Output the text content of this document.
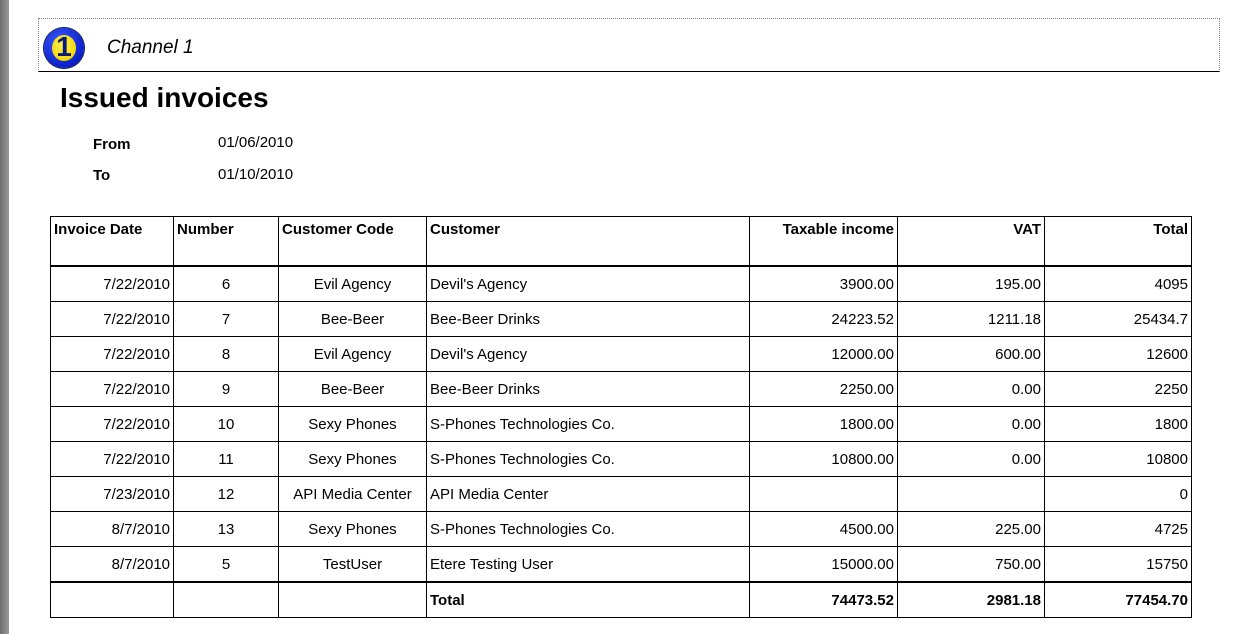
1	Channel 1
Issued invoices
From	01/06/2010
To	01/10/2010
Invoice Date	Number	Customer Code	Customer	Taxable income	VAT	Total
7/22/2010	6	Evil Agency	Devil's Agency	3900.00	195.00	4095
7/22/2010	7	Bee-Beer	Bee-Beer Drinks	24223.52	1211.18	25434.7
7/22/2010	8	Evil Agency	Devil's Agency	12000.00	600.00	12600
7/22/2010	9	Bee-Beer	Bee-Beer Drinks	2250.00	0.00	2250
7/22/2010	10	Sexy Phones	S-Phones Technologies Co.	1800.00	0.00	1800
7/22/2010	11	Sexy Phones	S-Phones Technologies Co.	10800.00	0.00	10800
7/23/2010	12	API Media Center	API Media Center			0
8/7/2010	13	Sexy Phones	S-Phones Technologies Co.	4500.00	225.00	4725
8/7/2010	5	TestUser	Etere Testing User	15000.00	750.00	15750
			Total	74473.52	2981.18	77454.70
